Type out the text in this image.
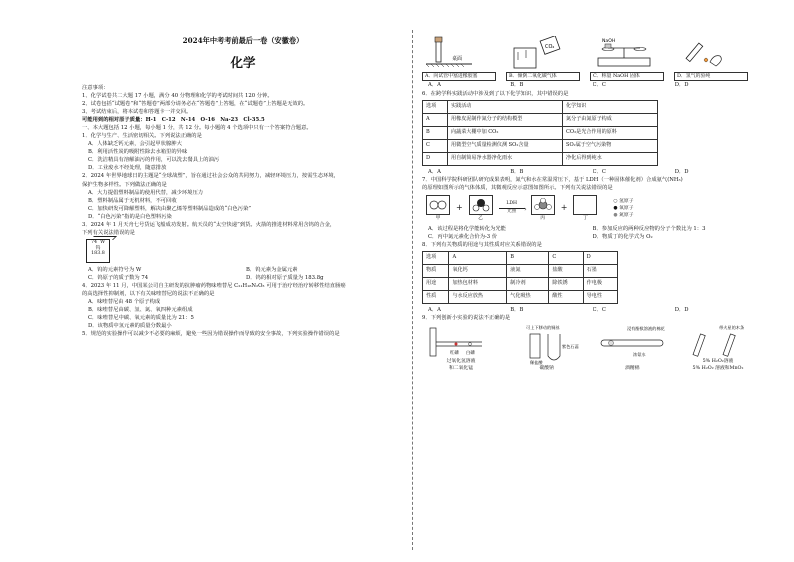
2024年中考考前最后一卷（安徽卷）
化学

注意事项：

1、化学试卷共二大题 17 小题，满分 40 分物理和化学的考试时间共 120 分钟。

2、试卷包括“试题卷”和“答题卷”两部分请务必在“答题卷”上答题，在“试题卷”上答题是无效的。

3、考试结束后，将本试卷和答题卡一并交回。

可能用到的相对原子质量：H-1　C-12　N-14　O-16　Na-23　Cl-35.5

一、本大题包括 12 小题，每小题 1 分，共 12 分。每小题的 4 个选项中只有一个答案符合题意。

1．化学与生产、生活密切相关。下列说法正确的是

A．人体缺乏钙元素，会引起甲状腺肿大

B．利用活性炭的吸附性除去水箱里的异味

C．洗洁精具有溶解油污的作用，可以洗去餐具上的油污

D．工业废水不经处理，随意排放

2．2024 年世界地球日的主题是“全球战塑”，旨在通过社会公众的共同努力，减轻环境压力，按需生态环境，

保护生物多样性。下列做法正确的是

A．大力提倡塑料制品的使用代替，减少环境压力

B．塑料制品属于无机材料，不可回收

C．加快研发可降解塑料，解决由聚乙烯等塑料制品造成的“白色污染”

D．“白色污染”指的是白色塑料污染

3．2024 年 1 月天舟七号货运飞船成功发射。航天员的“太空快递”到货。火箭的推进材料常用含钨的合金，

下列有关说法错误的是

74 W
钨
183.8

A．钨的元素符号为 W	B．钨元素为金属元素

C．钨原子的质子数为 74	D．钨的相对原子质量为 183.8g

4．2023 年 11 月，中国某公司自主研发的抗肿瘤药物味喹替尼 C₂₁H₁₈N₂O₃ 可用于治疗经治疗转移性结直肠癌

的高选择性抑制剂，以下有关味喹替尼的说法不正确的是

A．味喹替尼由 48 个原子构成

B．味喹替尼由碳、氢、氮、氧四种元素组成

C．味喹替尼中碳、氧元素的质量比为 21：5

D．该物质中氢元素的质量分数最小

5．规范的实验操作可以减少不必要的麻烦，避免一些因为错误操作而导致的安全事故，下列实验操作错误的是

桌面
CO₂
NaOH

A．向试管中塞进橡胶塞	B．倾倒二氧化碳气体	C．称量 NaOH 固体	D．氢气的验纯

A．A	B．B	C．C	D．D

6．在跨学科实践活动中涉及到了以下化学知识，其中错误的是

选项	实践活动	化学知识
A	用橡皮泥制作氮分子的结构模型	氮分子由氮原子构成
B	向蔬菜大棚中加 CO₂	CO₂是光合作用的原料
C	用微型空气质量检测仪测 SO₂含量	SO₂属于空气污染物
D	用自制简易净水器净化雨水	净化后得到纯水

A．A	B．B	C．C	D．D

7．中国科学院科研团队研究成果表明，氮气和水在常温常压下，基于 LDH（一种固体催化剂）合成氨气(NH₃)

的原理如图所示的气体体质，其微观反应示意图如图所示。下列有关说法错误的是

甲
+
乙
LDH
›
光照
丙
+
丁
○ 氢原子
● 氧原子
● 氮原子

A．该过程是将化学能转化为光能	B．参加反应的两种反应物的分子个数比为 1：3

C．丙中氮元素化合价为-3 价	D．物质丁的化学式为 O₂

8．下列有关物质的用途与其性质对应关系错误的是

选项	A	B	C	D
物质	氧化钙	液氮	盐酸	石墨
用途	加热包材料	制冷剂	除铁锈	作电极
性质	与水反应放热	气化吸热	酸性	导电性

A．A	B．B	C．C	D．D

9．下列创新小实验的说法不正确的是

红磷 白磷
过氧化氢溶液
和二氧化锰
可上下移动的铜丝
稀盐酸
紫色石蕊
碳酸钠
浸有酚酞溶液的棉花
浓氨水
酒精棉
带火星的木条
5% H₂O₂溶液
5% H₂O₂ 溶液和MnO₂
